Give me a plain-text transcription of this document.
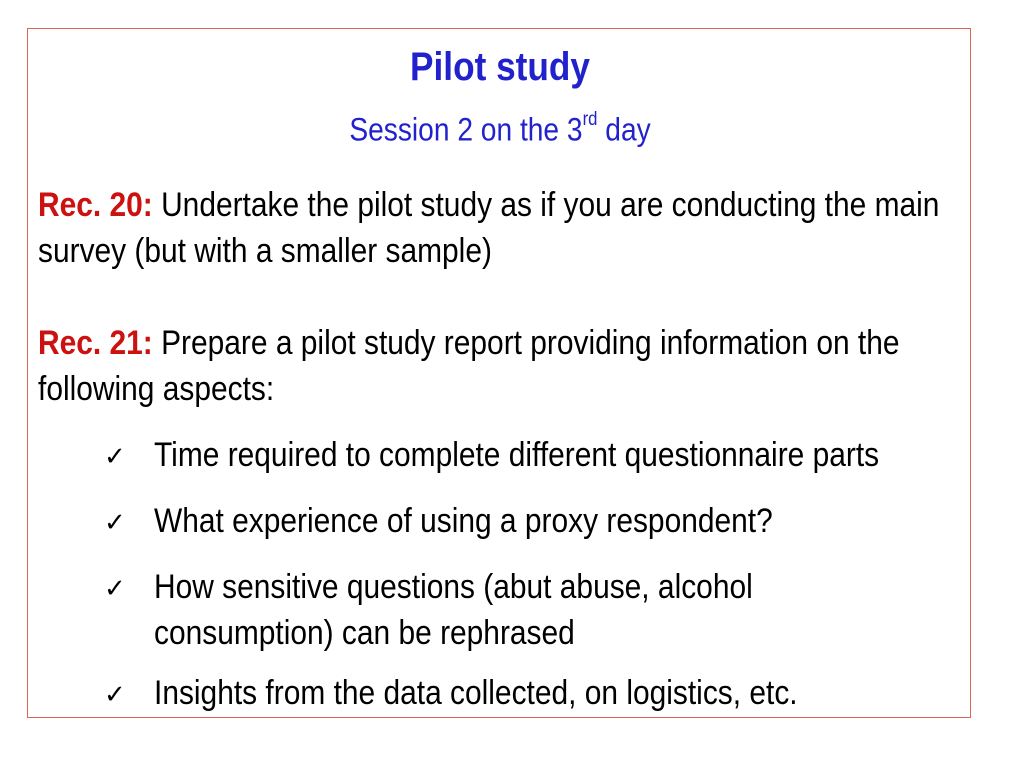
Pilot study
Session 2 on the 3rd day
Rec. 20: Undertake the pilot study as if you are conducting the main survey (but with a smaller sample)
Rec. 21: Prepare a pilot study report providing information on the following aspects:
✓ Time required to complete different questionnaire parts
✓ What experience of using a proxy respondent?
✓ How sensitive questions (abut abuse, alcohol consumption) can be rephrased
✓ Insights from the data collected, on logistics, etc.
